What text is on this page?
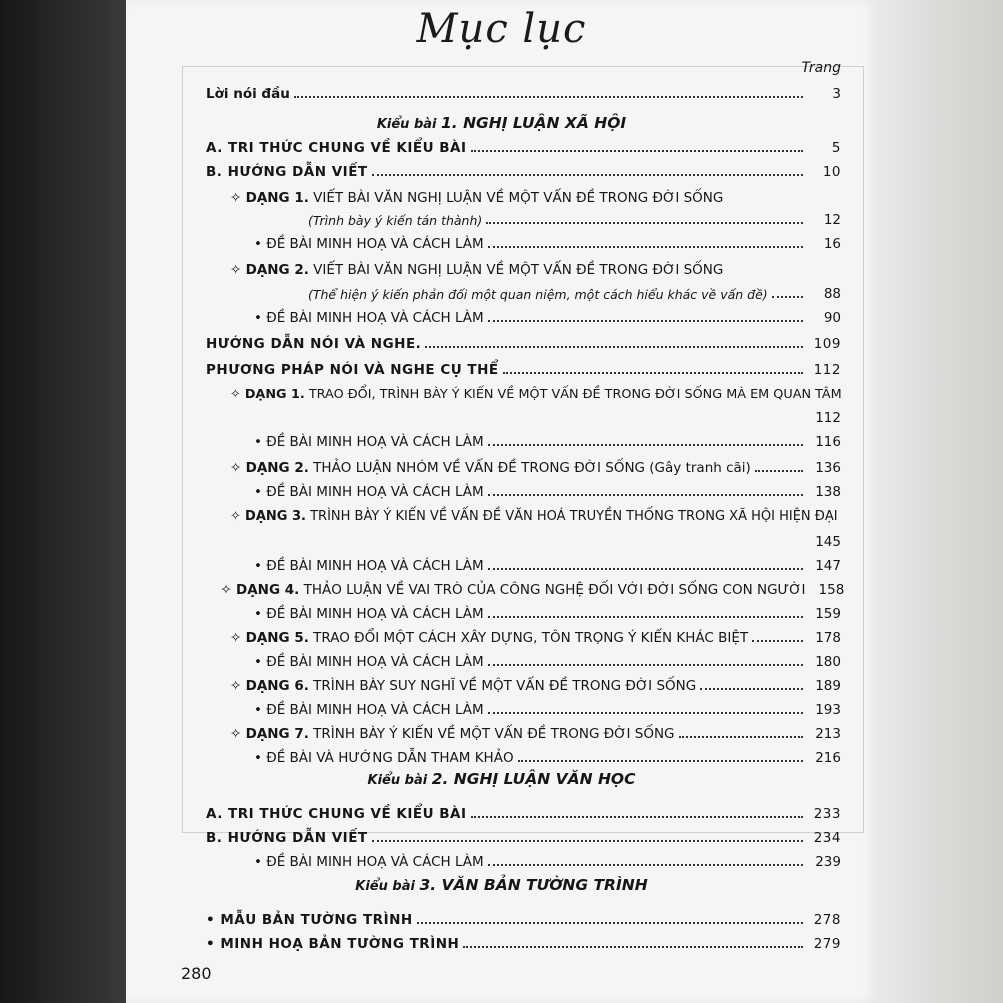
Mục lục
Trang
Lời nói đầu	3
Kiểu bài 1. NGHỊ LUẬN XÃ HỘI
A. TRI THỨC CHUNG VỀ KIỂU BÀI	5
B. HƯỚNG DẪN VIẾT	10
✧ DẠNG 1. VIẾT BÀI VĂN NGHỊ LUẬN VỀ MỘT VẤN ĐỀ TRONG ĐỜI SỐNG
(Trình bày ý kiến tán thành)	12
• ĐỀ BÀI MINH HOẠ VÀ CÁCH LÀM	16
✧ DẠNG 2. VIẾT BÀI VĂN NGHỊ LUẬN VỀ MỘT VẤN ĐỀ TRONG ĐỜI SỐNG
(Thể hiện ý kiến phản đối một quan niệm, một cách hiểu khác về vấn đề)	88
• ĐỀ BÀI MINH HOẠ VÀ CÁCH LÀM	90
HƯỚNG DẪN NÓI VÀ NGHE.	109
PHƯƠNG PHÁP NÓI VÀ NGHE CỤ THỂ	112
✧ DẠNG 1. TRAO ĐỔI, TRÌNH BÀY Ý KIẾN VỀ MỘT VẤN ĐỀ TRONG ĐỜI SỐNG MÀ EM QUAN TÂM
112
• ĐỀ BÀI MINH HOẠ VÀ CÁCH LÀM	116
✧ DẠNG 2. THẢO LUẬN NHÓM VỀ VẤN ĐỀ TRONG ĐỜI SỐNG (Gây tranh cãi)	136
• ĐỀ BÀI MINH HOẠ VÀ CÁCH LÀM	138
✧ DẠNG 3. TRÌNH BÀY Ý KIẾN VỀ VẤN ĐỀ VĂN HOÁ TRUYỀN THỐNG TRONG XÃ HỘI HIỆN ĐẠI
145
• ĐỀ BÀI MINH HOẠ VÀ CÁCH LÀM	147
✧ DẠNG 4. THẢO LUẬN VỀ VAI TRÒ CỦA CÔNG NGHỆ ĐỐI VỚI ĐỜI SỐNG CON NGƯỜI 158
• ĐỀ BÀI MINH HOẠ VÀ CÁCH LÀM	159
✧ DẠNG 5. TRAO ĐỔI MỘT CÁCH XÂY DỰNG, TÔN TRỌNG Ý KIẾN KHÁC BIỆT	178
• ĐỀ BÀI MINH HOẠ VÀ CÁCH LÀM	180
✧ DẠNG 6. TRÌNH BÀY SUY NGHĨ VỀ MỘT VẤN ĐỀ TRONG ĐỜI SỐNG	189
• ĐỀ BÀI MINH HOẠ VÀ CÁCH LÀM	193
✧ DẠNG 7. TRÌNH BÀY Ý KIẾN VỀ MỘT VẤN ĐỀ TRONG ĐỜI SỐNG	213
• ĐỀ BÀI VÀ HƯỚNG DẪN THAM KHẢO	216
Kiểu bài 2. NGHỊ LUẬN VĂN HỌC
A. TRI THỨC CHUNG VỀ KIỂU BÀI	233
B. HƯỚNG DẪN VIẾT	234
• ĐỀ BÀI MINH HOẠ VÀ CÁCH LÀM	239
Kiểu bài 3. VĂN BẢN TƯỜNG TRÌNH
• MẪU BẢN TƯỜNG TRÌNH	278
• MINH HOẠ BẢN TƯỜNG TRÌNH	279
280
